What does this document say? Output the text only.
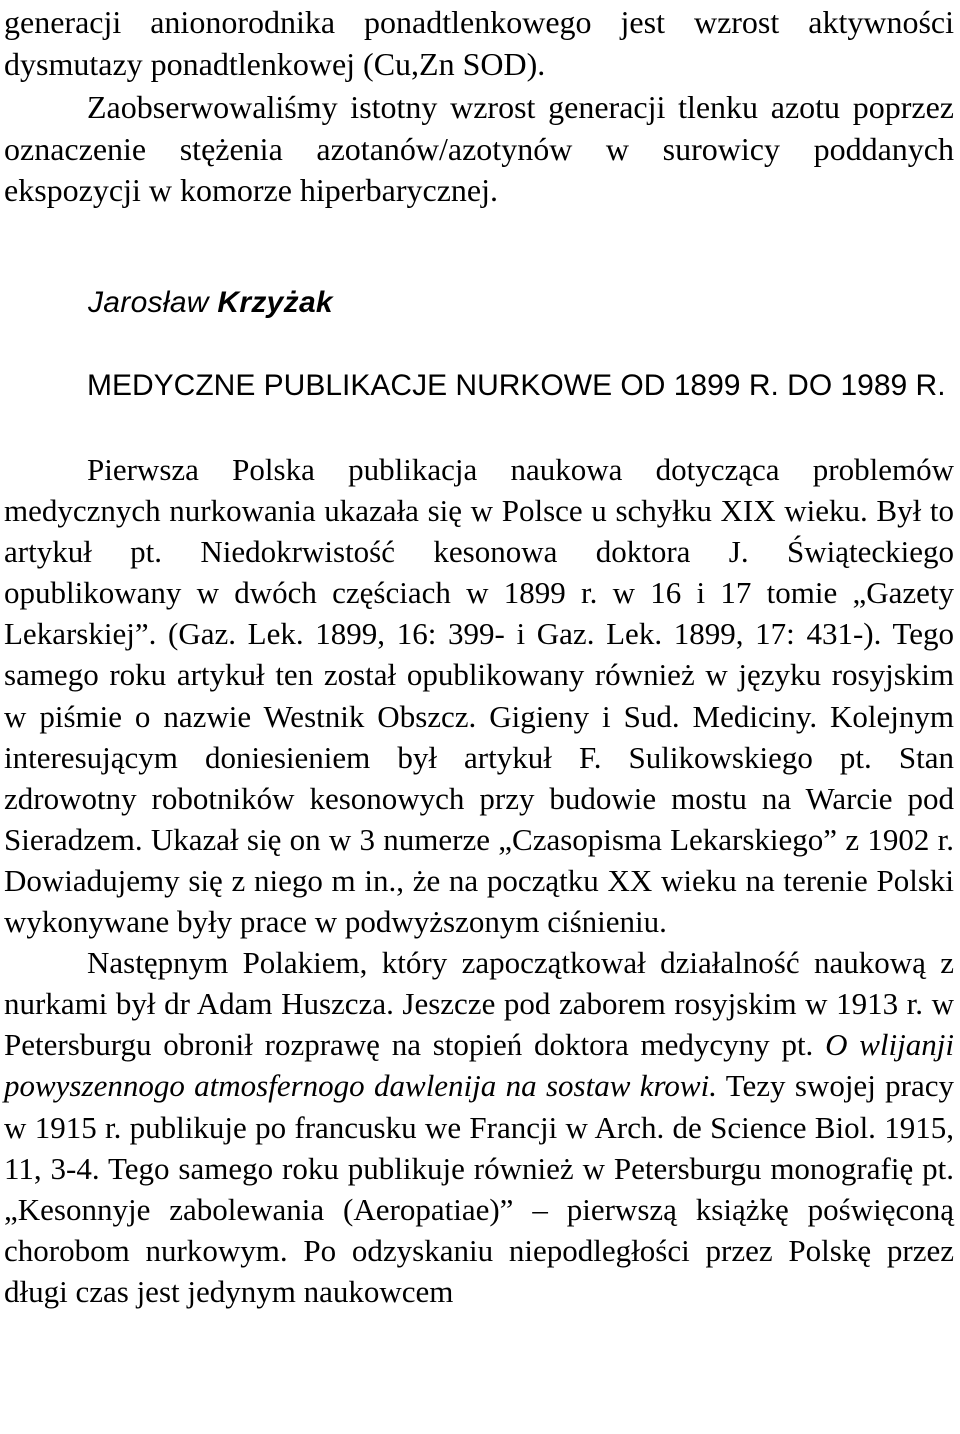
generacji anionorodnika ponadtlenkowego jest wzrost aktywności dysmutazy ponadtlenkowej (Cu,Zn SOD).
Zaobserwowaliśmy istotny wzrost generacji tlenku azotu poprzez oznaczenie stężenia azotanów/azotynów w surowicy poddanych ekspozycji w komorze hiperbarycznej.

Jarosław Krzyżak

MEDYCZNE PUBLIKACJE NURKOWE OD 1899 R. DO 1989 R.

Pierwsza Polska publikacja naukowa dotycząca problemów medycznych nurkowania ukazała się w Polsce u schyłku XIX wieku. Był to artykuł pt. Niedokrwistość kesonowa doktora J. Świąteckiego opublikowany w dwóch częściach w 1899 r. w 16 i 17 tomie „Gazety Lekarskiej”. (Gaz. Lek. 1899, 16: 399- i Gaz. Lek. 1899, 17: 431-). Tego samego roku artykuł ten został opublikowany również w języku rosyjskim w piśmie o nazwie Westnik Obszcz. Gigieny i Sud. Mediciny. Kolejnym interesującym doniesieniem był artykuł F. Sulikowskiego pt. Stan zdrowotny robotników kesonowych przy budowie mostu na Warcie pod Sieradzem. Ukazał się on w 3 numerze „Czasopisma Lekarskiego” z 1902 r. Dowiadujemy się z niego m in., że na początku XX wieku na terenie Polski wykonywane były prace w podwyższonym ciśnieniu.

Następnym Polakiem, który zapoczątkował działalność naukową z nurkami był dr Adam Huszcza. Jeszcze pod zaborem rosyjskim w 1913 r. w Petersburgu obronił rozprawę na stopień doktora medycyny pt. O wlijanji powyszennogo atmosfernogo dawlenija na sostaw krowi. Tezy swojej pracy w 1915 r. publikuje po francusku we Francji w Arch. de Science Biol. 1915, 11, 3-4. Tego samego roku publikuje również w Petersburgu monografię pt. „Kesonnyje zabolewania (Aeropatiae)” – pierwszą książkę poświęconą chorobom nurkowym. Po odzyskaniu niepodległości przez Polskę przez długi czas jest jedynym naukowcem
